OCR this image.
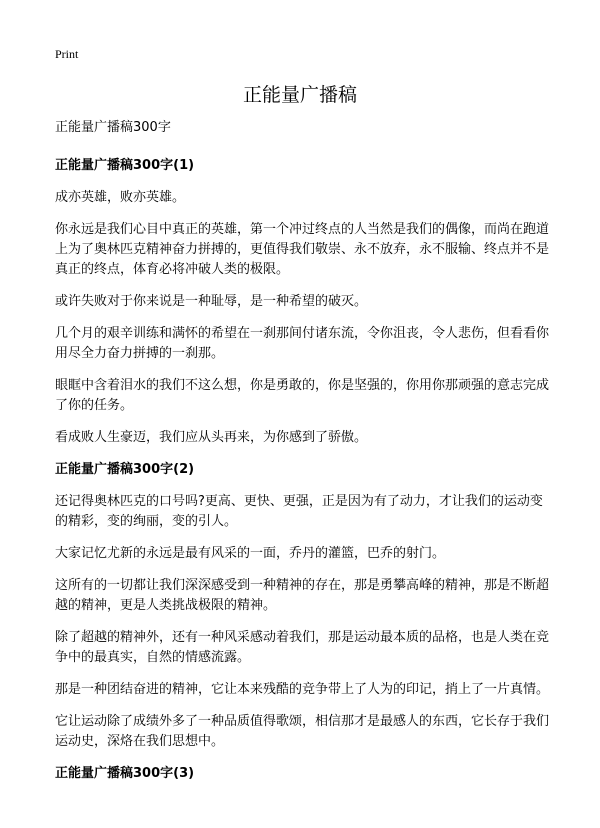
Print
正能量广播稿

正能量广播稿300字

正能量广播稿300字(1)

成亦英雄，败亦英雄。

你永远是我们心目中真正的英雄，第一个冲过终点的人当然是我们的偶像，而尚在跑道上为了奥林匹克精神奋力拼搏的，更值得我们敬崇、永不放弃，永不服输、终点并不是真正的终点，体育必将冲破人类的极限。

或许失败对于你来说是一种耻辱，是一种希望的破灭。

几个月的艰辛训练和满怀的希望在一刹那间付诸东流，令你沮丧，令人悲伤，但看看你用尽全力奋力拼搏的一刹那。

眼眶中含着泪水的我们不这么想，你是勇敢的，你是坚强的，你用你那顽强的意志完成了你的任务。

看成败人生豪迈，我们应从头再来，为你感到了骄傲。

正能量广播稿300字(2)

还记得奥林匹克的口号吗?更高、更快、更强，正是因为有了动力，才让我们的运动变的精彩，变的绚丽，变的引人。

大家记忆尤新的永远是最有风采的一面，乔丹的灌篮，巴乔的射门。

这所有的一切都让我们深深感受到一种精神的存在，那是勇攀高峰的精神，那是不断超越的精神，更是人类挑战极限的精神。

除了超越的精神外，还有一种风采感动着我们，那是运动最本质的品格，也是人类在竞争中的最真实，自然的情感流露。

那是一种团结奋进的精神，它让本来残酷的竞争带上了人为的印记，捎上了一片真情。

它让运动除了成绩外多了一种品质值得歌颂，相信那才是最感人的东西，它长存于我们运动史，深烙在我们思想中。

正能量广播稿300字(3)
